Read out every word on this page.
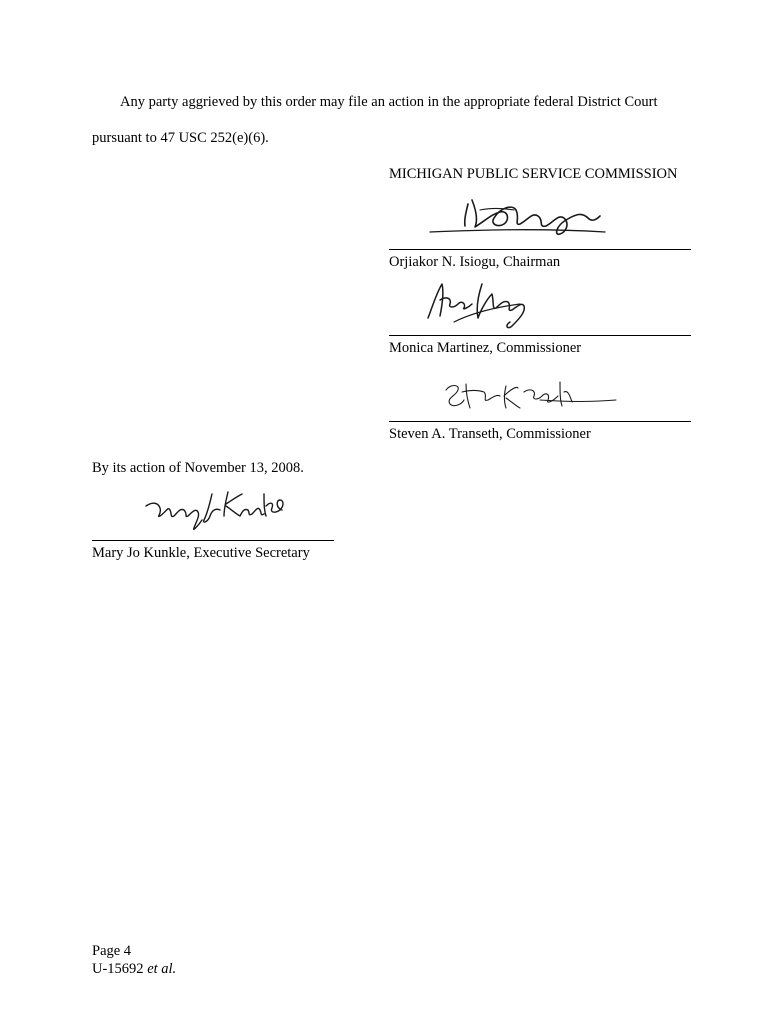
Any party aggrieved by this order may file an action in the appropriate federal District Court
pursuant to 47 USC 252(e)(6).
MICHIGAN PUBLIC SERVICE COMMISSION
Orjiakor N. Isiogu, Chairman
Monica Martinez, Commissioner
Steven A. Transeth, Commissioner
By its action of November 13, 2008.
Mary Jo Kunkle, Executive Secretary
Page 4
U-15692 et al.
